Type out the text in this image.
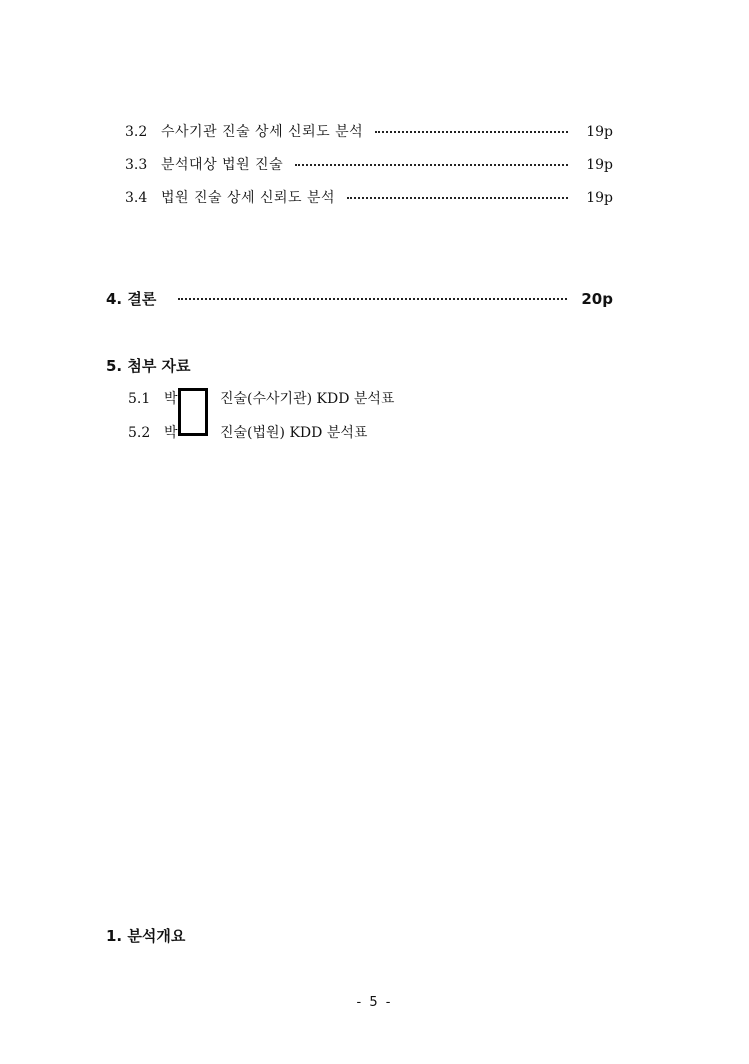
3.2 수사기관 진술 상세 신뢰도 분석	19p
3.3 분석대상 법원 진술	19p
3.4 법원 진술 상세 신뢰도 분석	19p
4. 결론	20p
5. 첨부 자료
5.1 박	진술(수사기관) KDD 분석표
5.2 박	진술(법원) KDD 분석표
1. 분석개요
- 5 -
